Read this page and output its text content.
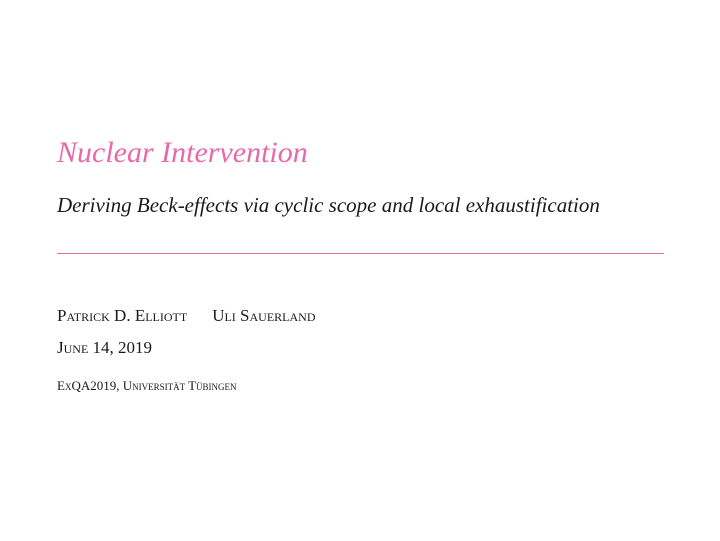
Nuclear Intervention
Deriving Beck-effects via cyclic scope and local exhaustification
Patrick D. Elliott Uli Sauerland
June 14, 2019
ExQA2019, Universität Tübingen
